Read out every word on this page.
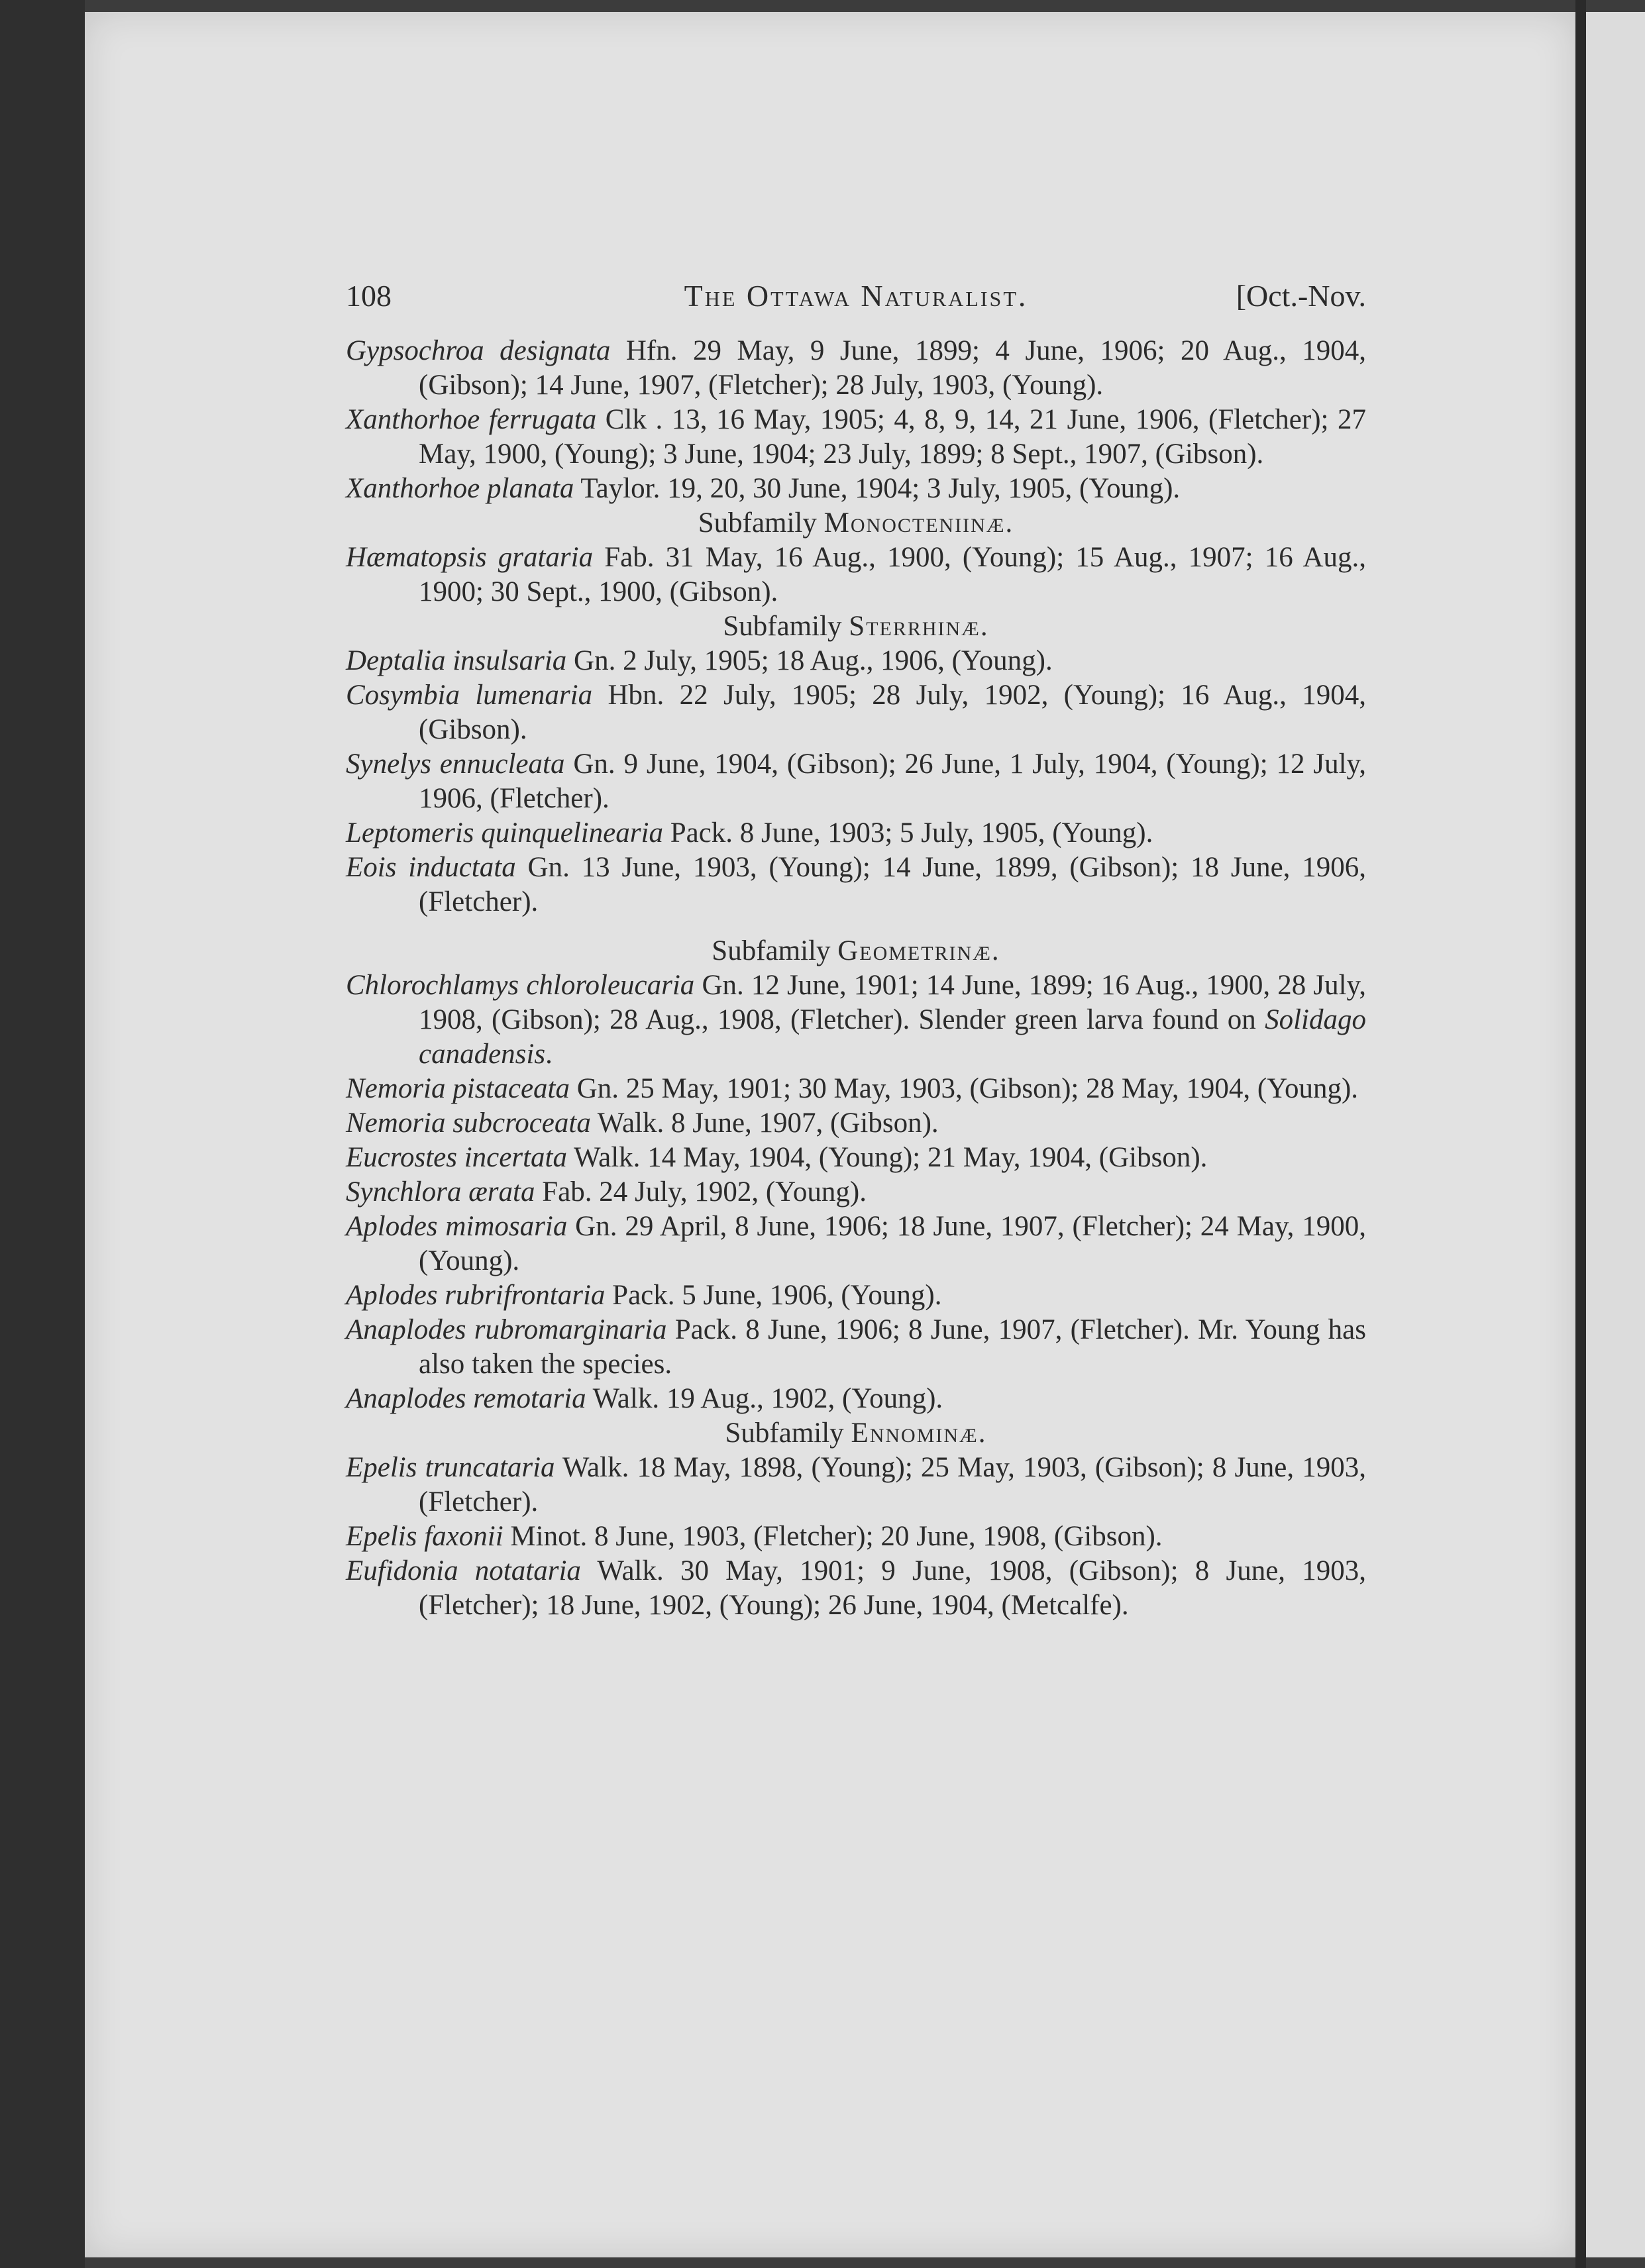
108	The Ottawa Naturalist.	[Oct.-Nov.

Gypsochroa designata Hfn. 29 May, 9 June, 1899; 4 June, 1906; 20 Aug., 1904, (Gibson); 14 June, 1907, (Fletcher); 28 July, 1903, (Young).

Xanthorhoe ferrugata Clk . 13, 16 May, 1905; 4, 8, 9, 14, 21 June, 1906, (Fletcher); 27 May, 1900, (Young); 3 June, 1904; 23 July, 1899; 8 Sept., 1907, (Gibson).

Xanthorhoe planata Taylor. 19, 20, 30 June, 1904; 3 July, 1905, (Young).

Subfamily Monocteniinæ.

Hæmatopsis grataria Fab. 31 May, 16 Aug., 1900, (Young); 15 Aug., 1907; 16 Aug., 1900; 30 Sept., 1900, (Gibson).

Subfamily Sterrhinæ.

Deptalia insulsaria Gn. 2 July, 1905; 18 Aug., 1906, (Young).

Cosymbia lumenaria Hbn. 22 July, 1905; 28 July, 1902, (Young); 16 Aug., 1904, (Gibson).

Synelys ennucleata Gn. 9 June, 1904, (Gibson); 26 June, 1 July, 1904, (Young); 12 July, 1906, (Fletcher).

Leptomeris quinquelinearia Pack. 8 June, 1903; 5 July, 1905, (Young).

Eois inductata Gn. 13 June, 1903, (Young); 14 June, 1899, (Gibson); 18 June, 1906, (Fletcher).

Subfamily Geometrinæ.

Chlorochlamys chloroleucaria Gn. 12 June, 1901; 14 June, 1899; 16 Aug., 1900, 28 July, 1908, (Gibson); 28 Aug., 1908, (Fletcher). Slender green larva found on Solidago canadensis.

Nemoria pistaceata Gn. 25 May, 1901; 30 May, 1903, (Gibson); 28 May, 1904, (Young).

Nemoria subcroceata Walk. 8 June, 1907, (Gibson).

Eucrostes incertata Walk. 14 May, 1904, (Young); 21 May, 1904, (Gibson).

Synchlora ærata Fab. 24 July, 1902, (Young).

Aplodes mimosaria Gn. 29 April, 8 June, 1906; 18 June, 1907, (Fletcher); 24 May, 1900, (Young).

Aplodes rubrifrontaria Pack. 5 June, 1906, (Young).

Anaplodes rubromarginaria Pack. 8 June, 1906; 8 June, 1907, (Fletcher). Mr. Young has also taken the species.

Anaplodes remotaria Walk. 19 Aug., 1902, (Young).

Subfamily Ennominæ.

Epelis truncataria Walk. 18 May, 1898, (Young); 25 May, 1903, (Gibson); 8 June, 1903, (Fletcher).

Epelis faxonii Minot. 8 June, 1903, (Fletcher); 20 June, 1908, (Gibson).

Eufidonia notataria Walk. 30 May, 1901; 9 June, 1908, (Gibson); 8 June, 1903, (Fletcher); 18 June, 1902, (Young); 26 June, 1904, (Metcalfe).
